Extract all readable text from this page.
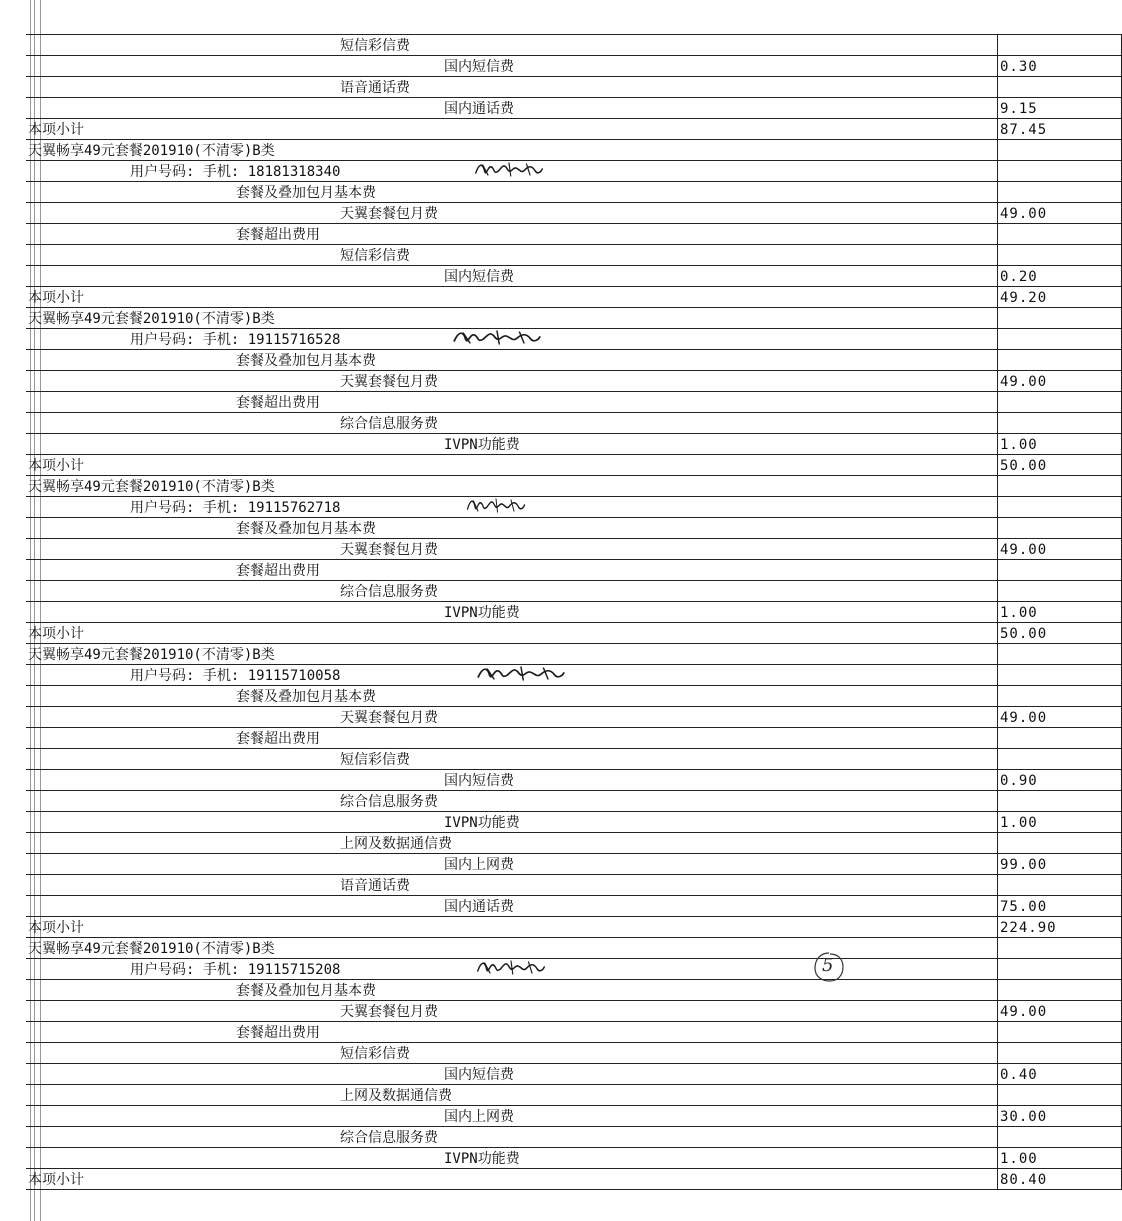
短信彩信费	
国内短信费	0.30
语音通话费	
国内通话费	9.15
本项小计	87.45
天翼畅享49元套餐201910(不清零)B类	
用户号码: 手机: 18181318340

套餐及叠加包月基本费	
天翼套餐包月费	49.00
套餐超出费用	
短信彩信费	
国内短信费	0.20
本项小计	49.20
天翼畅享49元套餐201910(不清零)B类	
用户号码: 手机: 19115716528

套餐及叠加包月基本费	
天翼套餐包月费	49.00
套餐超出费用	
综合信息服务费	
IVPN功能费	1.00
本项小计	50.00
天翼畅享49元套餐201910(不清零)B类	
用户号码: 手机: 19115762718

套餐及叠加包月基本费	
天翼套餐包月费	49.00
套餐超出费用	
综合信息服务费	
IVPN功能费	1.00
本项小计	50.00
天翼畅享49元套餐201910(不清零)B类	
用户号码: 手机: 19115710058

套餐及叠加包月基本费	
天翼套餐包月费	49.00
套餐超出费用	
短信彩信费	
国内短信费	0.90
综合信息服务费	
IVPN功能费	1.00
上网及数据通信费	
国内上网费	99.00
语音通话费	
国内通话费	75.00
本项小计	224.90
天翼畅享49元套餐201910(不清零)B类	
用户号码: 手机: 19115715208

套餐及叠加包月基本费	
天翼套餐包月费	49.00
套餐超出费用	
短信彩信费	
国内短信费	0.40
上网及数据通信费	
国内上网费	30.00
综合信息服务费	
IVPN功能费	1.00
本项小计	80.40
5
